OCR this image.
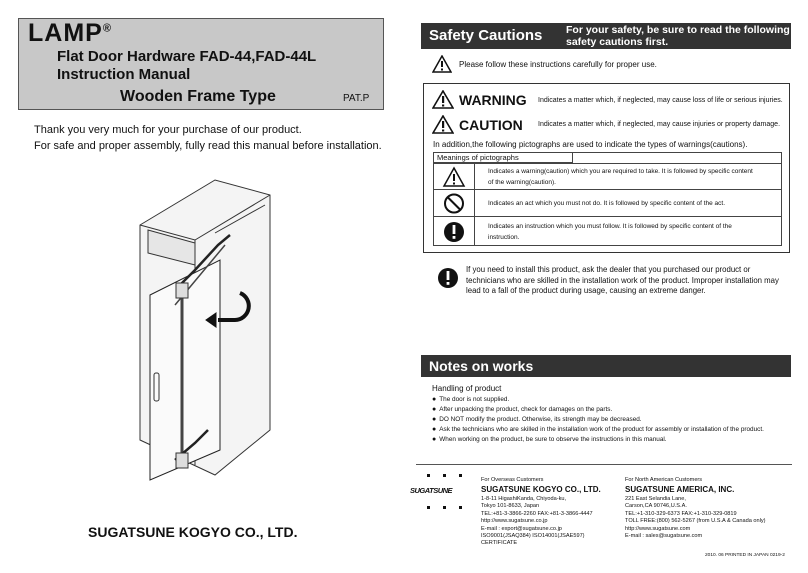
LAMP®
Flat Door Hardware FAD-44,FAD-44L
Instruction Manual
Wooden Frame Type	PAT.P
Thank you very much for your purchase of our product.
For safe and proper assembly, fully read this manual before installation.
SUGATSUNE KOGYO CO., LTD.
Safety Cautions For your safety, be sure to read the following
safety cautions first.
Please follow these instructions carefully for proper use.
WARNING Indicates a matter which, if neglected, may cause loss of life or serious injuries.
CAUTION Indicates a matter which, if neglected, may cause injuries or property damage.
In addition,the following pictographs are used to indicate the types of warnings(cautions).
Meanings of pictographs
Indicates a warning(caution) which you are required to take. It is followed by specific content
of the warning(caution).
Indicates an act which you must not do. It is followed by specific content of the act.
Indicates an instruction which you must follow. It is followed by specific content of the
instruction.
If you need to install this product, ask the dealer that you purchased our product or technicians who are skilled in the installation work of the product. Improper installation may lead to a fall of the product during usage, causing an extreme danger.
Notes on works
Handling of product
● The door is not supplied.
● After unpacking the product, check for damages on the parts.
● DO NOT modify the product. Otherwise, its strength may be decreased.
● Ask the technicians who are skilled in the installation work of the product for assembly or installation of the product.
● When working on the product, be sure to observe the instructions in this manual.
SUGATSUNE
For Overseas Customers
SUGATSUNE KOGYO CO., LTD.
1-8-11 HigashiKanda, Chiyoda-ku,
Tokyo 101-8633, Japan
TEL:+81-3-3866-2260 FAX:+81-3-3866-4447
http://www.sugatsune.co.jp
E-mail : export@sugatsune.co.jp
ISO9001(JSAQ384) ISO14001(JSAE597) CERTIFICATE
For North American Customers
SUGATSUNE AMERICA, INC.
221 East Selandia Lane,
Carson,CA 90746,U.S.A.
TEL:+1-310-329-6373 FAX:+1-310-329-0819
TOLL FREE:(800) 562-5267 (from U.S.A & Canada only)
http://www.sugatsune.com
E-mail : sales@sugatsune.com
2010. 06 PRINTED IN JAPAN 0219-2
